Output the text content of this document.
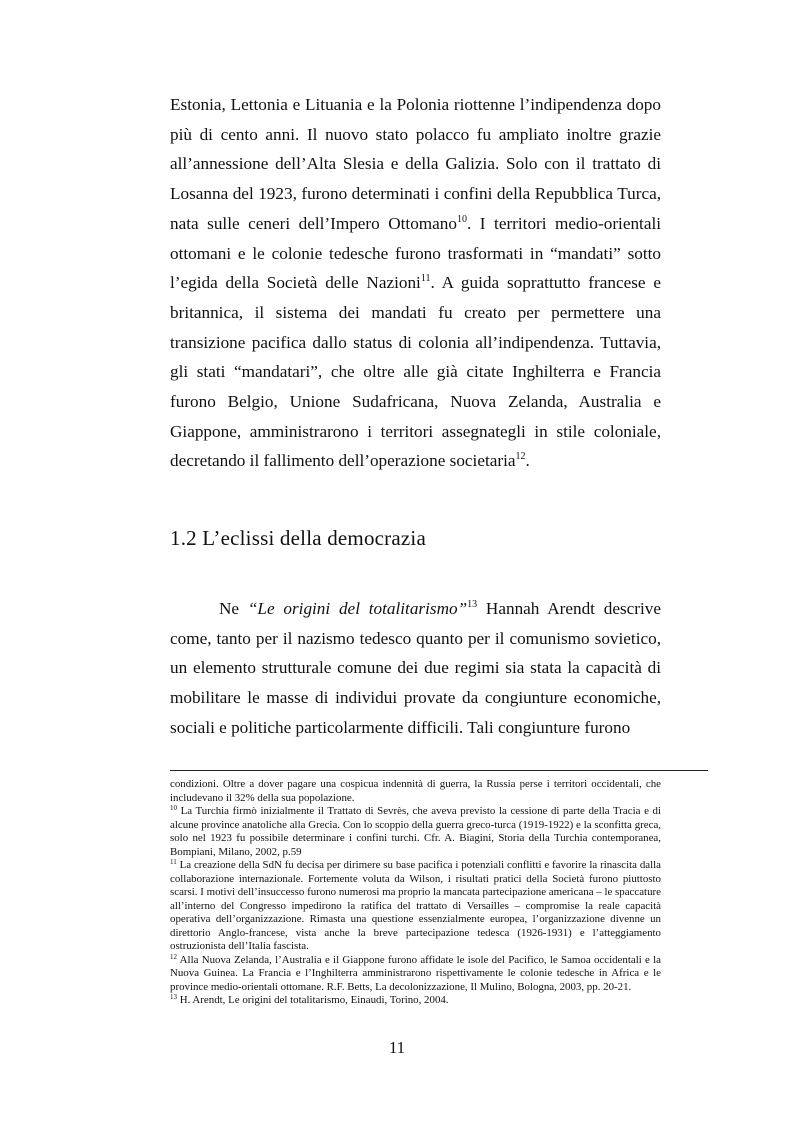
Estonia, Lettonia e Lituania e la Polonia riottenne l’indipendenza dopo più di cento anni. Il nuovo stato polacco fu ampliato inoltre grazie all’annessione dell’Alta Slesia e della Galizia. Solo con il trattato di Losanna del 1923, furono determinati i confini della Repubblica Turca, nata sulle ceneri dell’Impero Ottomano$^{10}$. I territori medio-orientali ottomani e le colonie tedesche furono trasformati in “mandati” sotto l’egida della Società delle Nazioni$^{11}$. A guida soprattutto francese e britannica, il sistema dei mandati fu creato per permettere una transizione pacifica dallo status di colonia all’indipendenza. Tuttavia, gli stati “mandatari”, che oltre alle già citate Inghilterra e Francia furono Belgio, Unione Sudafricana, Nuova Zelanda, Australia e Giappone, amministrarono i territori assegnategli in stile coloniale, decretando il fallimento dell’operazione societaria$^{12}$.

1.2 L’eclissi della democrazia

Ne “Le origini del totalitarismo”$^{13}$ Hannah Arendt descrive come, tanto per il nazismo tedesco quanto per il comunismo sovietico, un elemento strutturale comune dei due regimi sia stata la capacità di mobilitare le masse di individui provate da congiunture economiche, sociali e politiche particolarmente difficili. Tali congiunture furono

condizioni. Oltre a dover pagare una cospicua indennità di guerra, la Russia perse i territori occidentali, che includevano il 32% della sua popolazione.

$^{10}$ La Turchia firmò inizialmente il Trattato di Sevrès, che aveva previsto la cessione di parte della Tracia e di alcune province anatoliche alla Grecia. Con lo scoppio della guerra greco-turca (1919-1922) e la sconfitta greca, solo nel 1923 fu possibile determinare i confini turchi. Cfr. A. Biagini, Storia della Turchia contemporanea, Bompiani, Milano, 2002, p.59

$^{11}$ La creazione della SdN fu decisa per dirimere su base pacifica i potenziali conflitti e favorire la rinascita dalla collaborazione internazionale. Fortemente voluta da Wilson, i risultati pratici della Società furono piuttosto scarsi. I motivi dell’insuccesso furono numerosi ma proprio la mancata partecipazione americana – le spaccature all’interno del Congresso impedirono la ratifica del trattato di Versailles – compromise la reale capacità operativa dell’organizzazione. Rimasta una questione essenzialmente europea, l’organizzazione divenne un direttorio Anglo-francese, vista anche la breve partecipazione tedesca (1926-1931) e l’atteggiamento ostruzionista dell’Italia fascista.

$^{12}$ Alla Nuova Zelanda, l’Australia e il Giappone furono affidate le isole del Pacifico, le Samoa occidentali e la Nuova Guinea. La Francia e l’Inghilterra amministrarono rispettivamente le colonie tedesche in Africa e le province medio-orientali ottomane. R.F. Betts, La decolonizzazione, Il Mulino, Bologna, 2003, pp. 20-21.

$^{13}$ H. Arendt, Le origini del totalitarismo, Einaudi, Torino, 2004.

11
